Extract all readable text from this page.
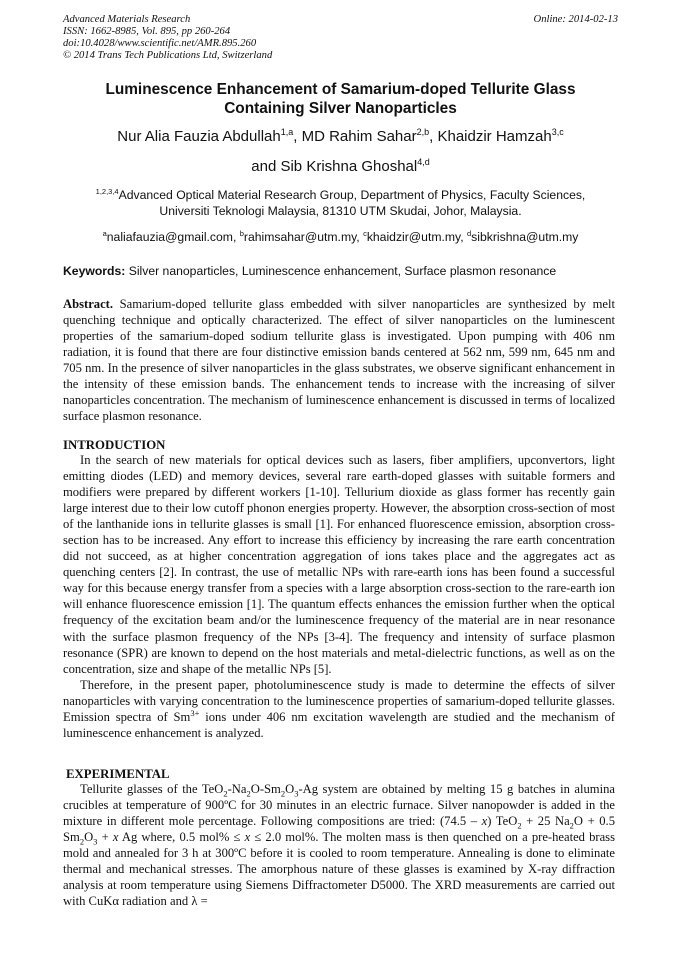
Advanced Materials Research
ISSN: 1662-8985, Vol. 895, pp 260-264
doi:10.4028/www.scientific.net/AMR.895.260
© 2014 Trans Tech Publications Ltd, Switzerland
Online: 2014-02-13
Luminescence Enhancement of Samarium-doped Tellurite Glass
Containing Silver Nanoparticles
Nur Alia Fauzia Abdullah$^{1,a}$, MD Rahim Sahar$^{2,b}$, Khaidzir Hamzah$^{3,c}$
and Sib Krishna Ghoshal$^{4,d}$
$^{1,2,3,4}$Advanced Optical Material Research Group, Department of Physics, Faculty Sciences,
Universiti Teknologi Malaysia, 81310 UTM Skudai, Johor, Malaysia.
$^a$naliafauzia@gmail.com, $^b$rahimsahar@utm.my, $^c$khaidzir@utm.my, $^d$sibkrishna@utm.my
Keywords: Silver nanoparticles, Luminescence enhancement, Surface plasmon resonance

Abstract. Samarium-doped tellurite glass embedded with silver nanoparticles are synthesized by melt quenching technique and optically characterized. The effect of silver nanoparticles on the luminescent properties of the samarium-doped sodium tellurite glass is investigated. Upon pumping with 406 nm radiation, it is found that there are four distinctive emission bands centered at 562 nm, 599 nm, 645 nm and 705 nm. In the presence of silver nanoparticles in the glass substrates, we observe significant enhancement in the intensity of these emission bands. The enhancement tends to increase with the increasing of silver nanoparticles concentration. The mechanism of luminescence enhancement is discussed in terms of localized surface plasmon resonance.

INTRODUCTION

In the search of new materials for optical devices such as lasers, fiber amplifiers, upconvertors, light emitting diodes (LED) and memory devices, several rare earth-doped glasses with suitable formers and modifiers were prepared by different workers [1-10]. Tellurium dioxide as glass former has recently gain large interest due to their low cutoff phonon energies property. However, the absorption cross-section of most of the lanthanide ions in tellurite glasses is small [1]. For enhanced fluorescence emission, absorption cross-section has to be increased. Any effort to increase this efficiency by increasing the rare earth concentration did not succeed, as at higher concentration aggregation of ions takes place and the aggregates act as quenching centers [2]. In contrast, the use of metallic NPs with rare-earth ions has been found a successful way for this because energy transfer from a species with a large absorption cross-section to the rare-earth ion will enhance fluorescence emission [1]. The quantum effects enhances the emission further when the optical frequency of the excitation beam and/or the luminescence frequency of the material are in near resonance with the surface plasmon frequency of the NPs [3-4]. The frequency and intensity of surface plasmon resonance (SPR) are known to depend on the host materials and metal-dielectric functions, as well as on the concentration, size and shape of the metallic NPs [5].

Therefore, in the present paper, photoluminescence study is made to determine the effects of silver nanoparticles with varying concentration to the luminescence properties of samarium-doped tellurite glasses. Emission spectra of $Sm^{3+}$ ions under 406 nm excitation wavelength are studied and the mechanism of luminescence enhancement is analyzed.

EXPERIMENTAL

Tellurite glasses of the $TeO_2-Na_2O-Sm_2O_3-Ag$ system are obtained by melting 15 g batches in alumina crucibles at temperature of 900ºC for 30 minutes in an electric furnace. Silver nanopowder is added in the mixture in different mole percentage. Following compositions are tried: (74.5 – x) TeO$_2$ + 25 $Na_2O + 0.5$ $Sm_2O_3 + x$ Ag where, 0.5 mol% ≤ x ≤ 2.0 mol%. The molten mass is then quenched on a pre-heated brass mold and annealed for 3 h at 300ºC before it is cooled to room temperature. Annealing is done to eliminate thermal and mechanical stresses. The amorphous nature of these glasses is examined by X-ray diffraction analysis at room temperature using Siemens Diffractometer D5000. The XRD measurements are carried out with CuKα radiation and λ =
